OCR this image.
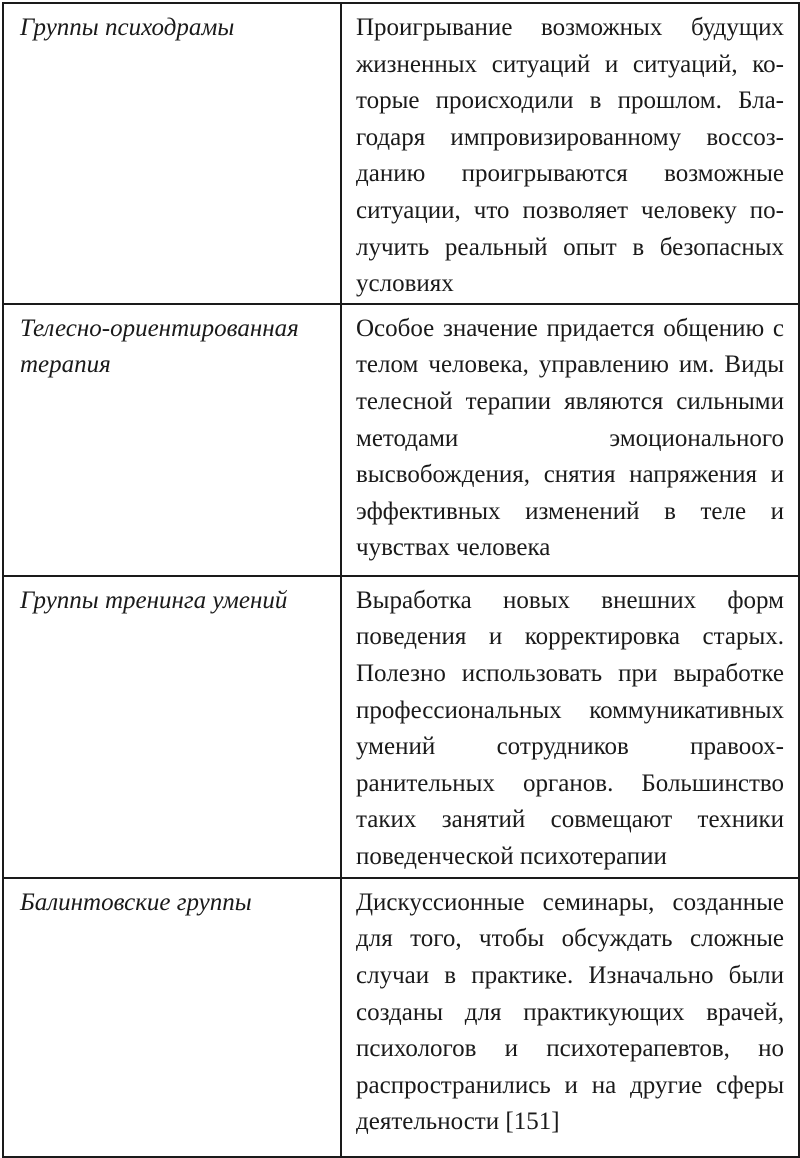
Группы психодрамы	Проигрывание возможных будущих жизненных ситуаций и ситуаций, которые происходили в прошлом. Благодаря импровизированному воссозданию проигрываются возможные ситуации, что позволяет человеку получить реальный опыт в безопасных условиях

Телесно-ориентированная терапия	Особое значение придается общению с телом человека, управлению им. Виды телесной терапии являются сильными методами эмоционального высвобождения, снятия напряжения и эффективных изменений в теле и чувствах человека

Группы тренинга умений	Выработка новых внешних форм поведения и корректировка старых. Полезно использовать при выработке профессиональных коммуникативных умений сотрудников правоохранительных органов. Большинство таких занятий совмещают техники поведенческой психотерапии

Балинтовские группы	Дискуссионные семинары, созданные для того, чтобы обсуждать сложные случаи в практике. Изначально были созданы для практикующих врачей, психологов и психотерапевтов, но распространились и на другие сферы деятельности [151]
